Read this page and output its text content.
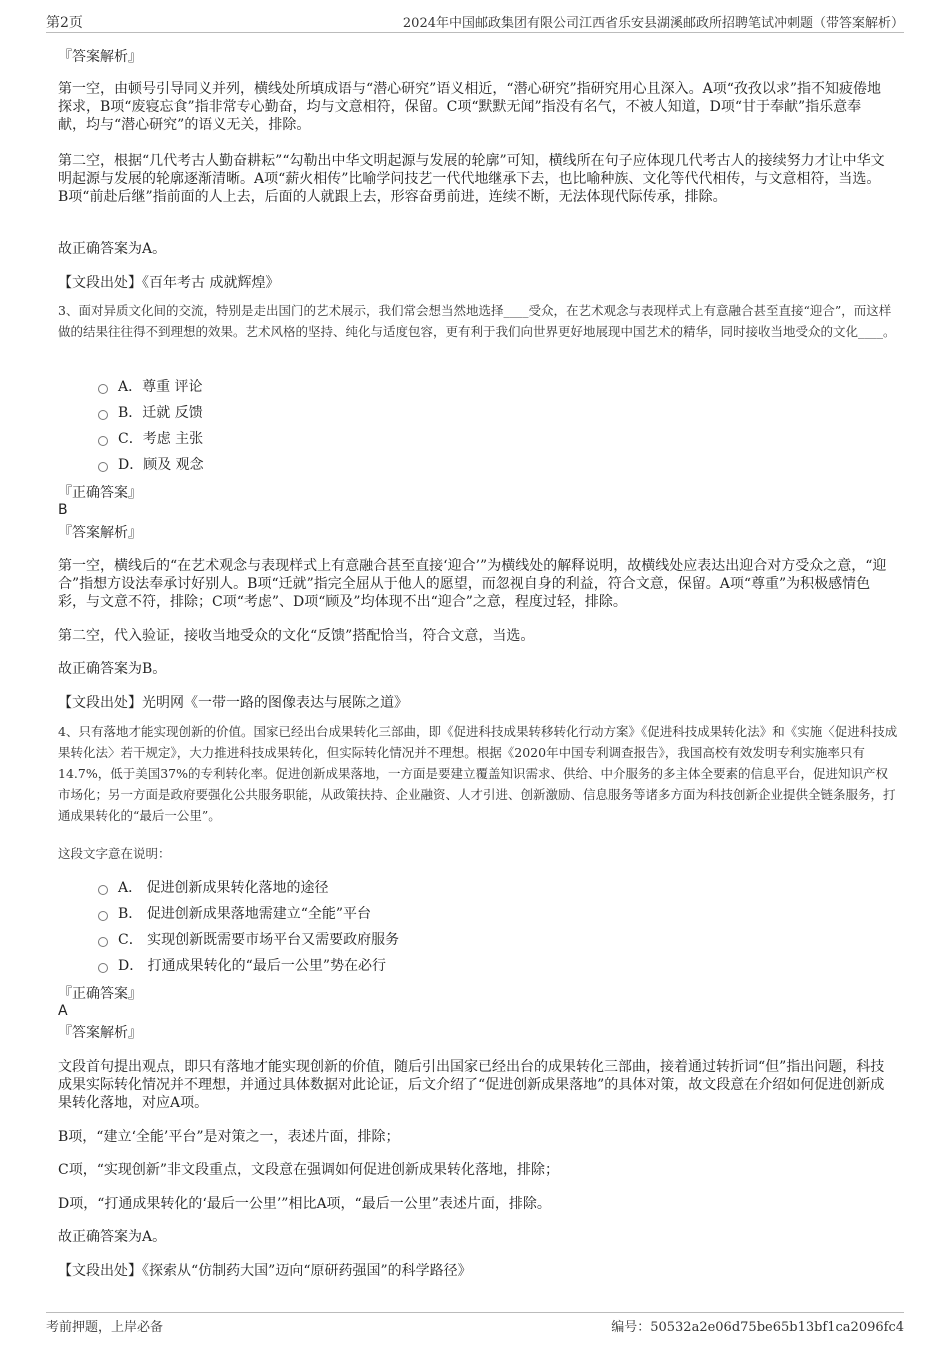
第2页	2024年中国邮政集团有限公司江西省乐安县湖溪邮政所招聘笔试冲刺题（带答案解析）
『答案解析』

第一空，由顿号引导同义并列，横线处所填成语与“潜心研究”语义相近，“潜心研究”指研究用心且深入。A项“孜孜以求”指不知疲倦地探求，B项“废寝忘食”指非常专心勤奋，均与文意相符，保留。C项“默默无闻”指没有名气，不被人知道，D项“甘于奉献”指乐意奉献，均与“潜心研究”的语义无关，排除。

第二空，根据“几代考古人勤奋耕耘”“勾勒出中华文明起源与发展的轮廓”可知，横线所在句子应体现几代考古人的接续努力才让中华文明起源与发展的轮廓逐渐清晰。A项“薪火相传”比喻学问技艺一代代地继承下去，也比喻种族、文化等代代相传，与文意相符，当选。B项“前赴后继”指前面的人上去，后面的人就跟上去，形容奋勇前进，连续不断，无法体现代际传承，排除。

故正确答案为A。

【文段出处】《百年考古 成就辉煌》

3、面对异质文化间的交流，特别是走出国门的艺术展示，我们常会想当然地选择____受众，在艺术观念与表现样式上有意融合甚至直接“迎合”，而这样做的结果往往得不到理想的效果。艺术风格的坚持、纯化与适度包容，更有利于我们向世界更好地展现中国艺术的精华，同时接收当地受众的文化____。

A．尊重 评论
B．迁就 反馈
C．考虑 主张
D．顾及 观念
『正确答案』
B
『答案解析』

第一空，横线后的“在艺术观念与表现样式上有意融合甚至直接‘迎合’”为横线处的解释说明，故横线处应表达出迎合对方受众之意，“迎合”指想方设法奉承讨好别人。B项“迁就”指完全屈从于他人的愿望，而忽视自身的利益，符合文意，保留。A项“尊重”为积极感情色彩，与文意不符，排除；C项“考虑”、D项“顾及”均体现不出“迎合”之意，程度过轻，排除。

第二空，代入验证，接收当地受众的文化“反馈”搭配恰当，符合文意，当选。

故正确答案为B。

【文段出处】光明网《一带一路的图像表达与展陈之道》

4、只有落地才能实现创新的价值。国家已经出台成果转化三部曲，即《促进科技成果转移转化行动方案》《促进科技成果转化法》和《实施〈促进科技成果转化法〉若干规定》，大力推进科技成果转化，但实际转化情况并不理想。根据《2020年中国专利调查报告》，我国高校有效发明专利实施率只有14.7%，低于美国37%的专利转化率。促进创新成果落地，一方面是要建立覆盖知识需求、供给、中介服务的多主体全要素的信息平台，促进知识产权市场化；另一方面是政府要强化公共服务职能，从政策扶持、企业融资、人才引进、创新激励、信息服务等诸多方面为科技创新企业提供全链条服务，打通成果转化的“最后一公里”。

这段文字意在说明：

A． 促进创新成果转化落地的途径
B． 促进创新成果落地需建立“全能”平台
C． 实现创新既需要市场平台又需要政府服务
D． 打通成果转化的“最后一公里”势在必行
『正确答案』
A
『答案解析』

文段首句提出观点，即只有落地才能实现创新的价值，随后引出国家已经出台的成果转化三部曲，接着通过转折词“但”指出问题，科技成果实际转化情况并不理想，并通过具体数据对此论证，后文介绍了“促进创新成果落地”的具体对策，故文段意在介绍如何促进创新成果转化落地，对应A项。

B项，“建立‘全能’平台”是对策之一，表述片面，排除；

C项，“实现创新”非文段重点，文段意在强调如何促进创新成果转化落地，排除；

D项，“打通成果转化的‘最后一公里’”相比A项，“最后一公里”表述片面，排除。

故正确答案为A。

【文段出处】《探索从“仿制药大国”迈向“原研药强国”的科学路径》

考前押题，上岸必备	编号：50532a2e06d75be65b13bf1ca2096fc4
